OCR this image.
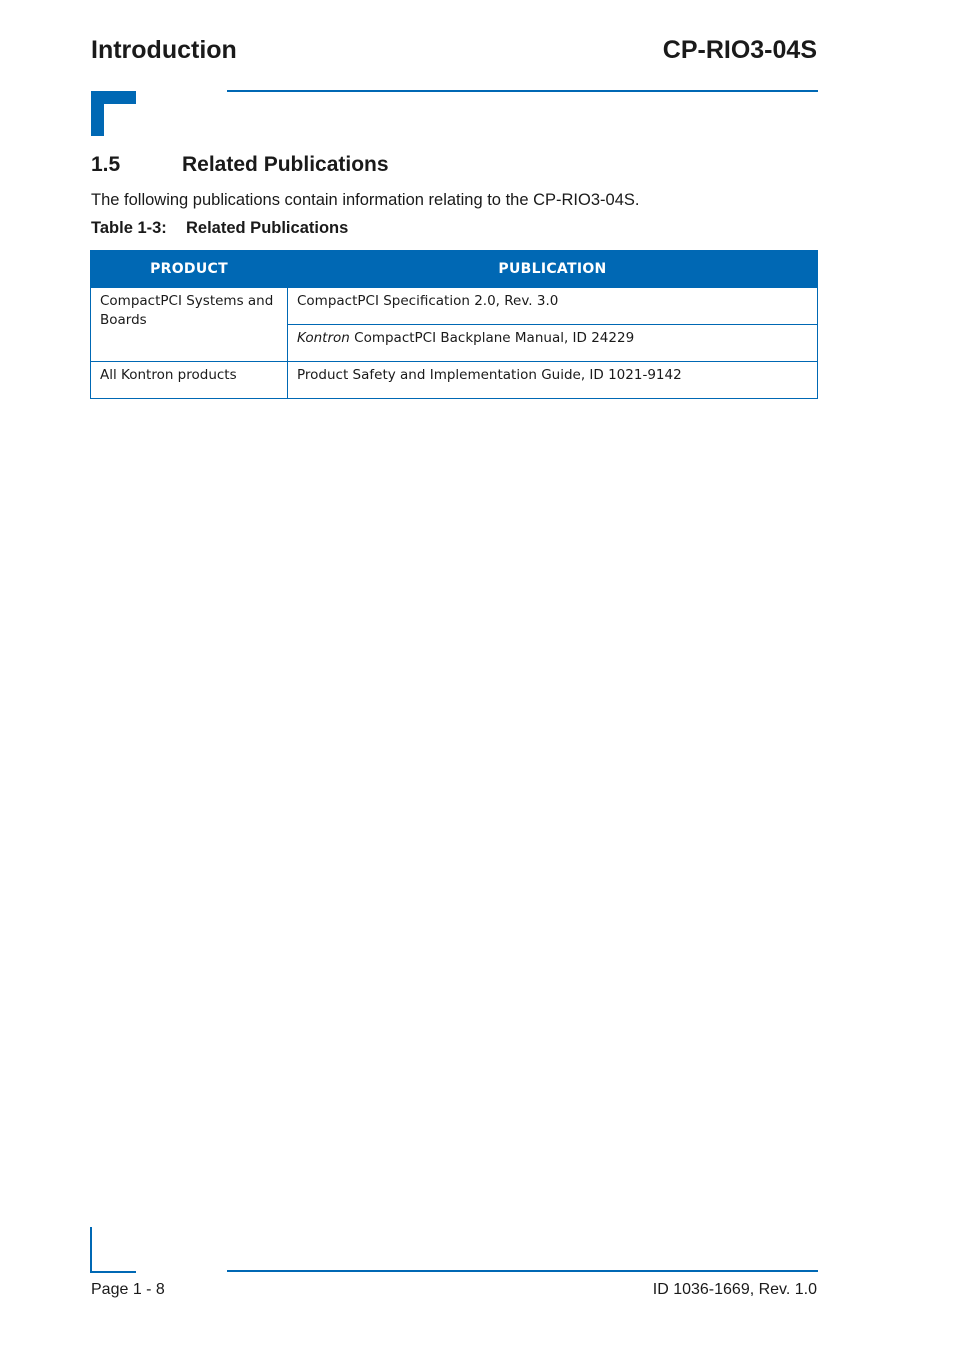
Introduction	CP-RIO3-04S
1.5	Related Publications
The following publications contain information relating to the CP-RIO3-04S.
Table 1-3: Related Publications
PRODUCT	PUBLICATION
CompactPCI Systems and Boards	CompactPCI Specification 2.0, Rev. 3.0
	Kontron CompactPCI Backplane Manual, ID 24229
All Kontron products	Product Safety and Implementation Guide, ID 1021-9142
Page 1 - 8	ID 1036-1669, Rev. 1.0
